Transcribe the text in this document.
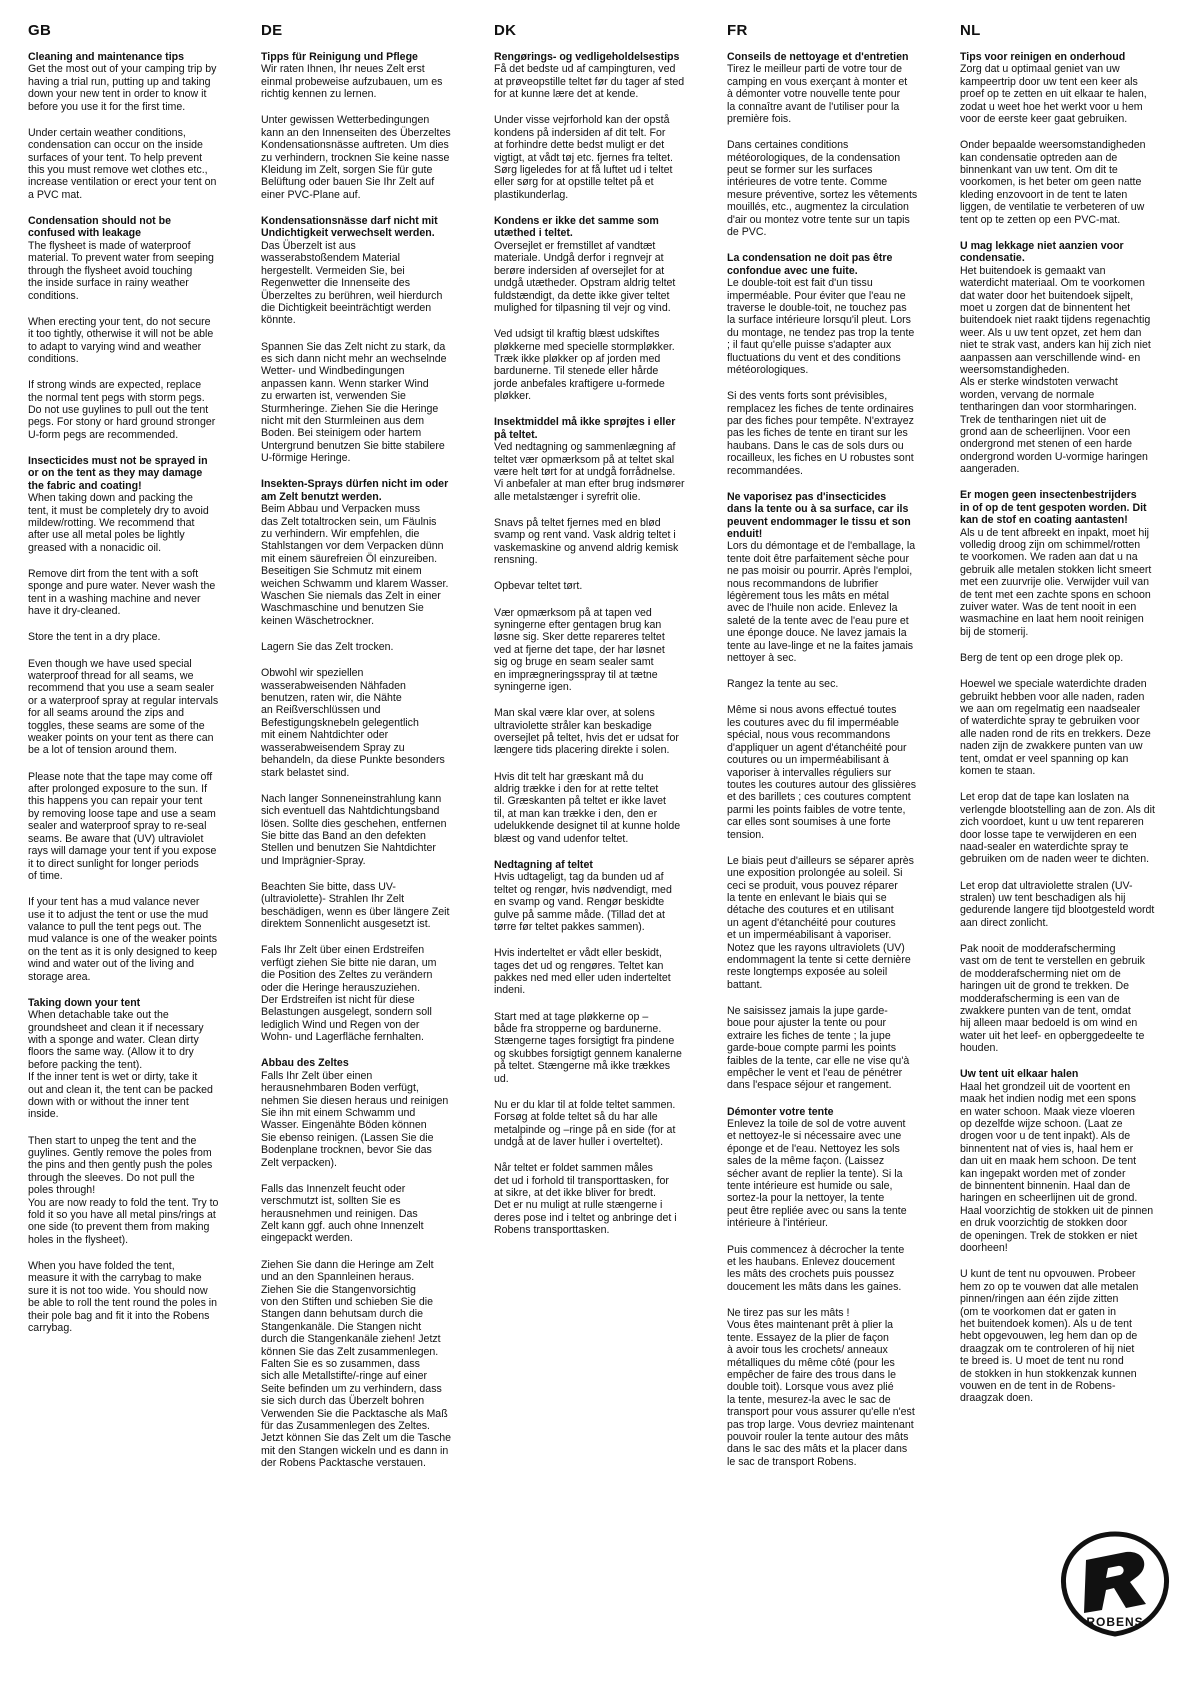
GB
Cleaning and maintenance tips
Get the most out of your camping trip by
having a trial run, putting up and taking
down your new tent in order to know it
before you use it for the first time.
Under certain weather conditions,
condensation can occur on the inside
surfaces of your tent. To help prevent
this you must remove wet clothes etc.,
increase ventilation or erect your tent on
a PVC mat.
Condensation should not be
confused with leakage
The flysheet is made of waterproof
material. To prevent water from seeping
through the flysheet avoid touching
the inside surface in rainy weather
conditions.
When erecting your tent, do not secure
it too tightly, otherwise it will not be able
to adapt to varying wind and weather
conditions.
If strong winds are expected, replace
the normal tent pegs with storm pegs.
Do not use guylines to pull out the tent
pegs. For stony or hard ground stronger
U-form pegs are recommended.
Insecticides must not be sprayed in
or on the tent as they may damage
the fabric and coating!
When taking down and packing the
tent, it must be completely dry to avoid
mildew/rotting. We recommend that
after use all metal poles be lightly
greased with a nonacidic oil.
Remove dirt from the tent with a soft
sponge and pure water. Never wash the
tent in a washing machine and never
have it dry-cleaned.
Store the tent in a dry place.
Even though we have used special
waterproof thread for all seams, we
recommend that you use a seam sealer
or a waterproof spray at regular intervals
for all seams around the zips and
toggles, these seams are some of the
weaker points on your tent as there can
be a lot of tension around them.
Please note that the tape may come off
after prolonged exposure to the sun. If
this happens you can repair your tent
by removing loose tape and use a seam
sealer and waterproof spray to re-seal
seams. Be aware that (UV) ultraviolet
rays will damage your tent if you expose
it to direct sunlight for longer periods
of time.
If your tent has a mud valance never
use it to adjust the tent or use the mud
valance to pull the tent pegs out. The
mud valance is one of the weaker points
on the tent as it is only designed to keep
wind and water out of the living and
storage area.
Taking down your tent
When detachable take out the
groundsheet and clean it if necessary
with a sponge and water. Clean dirty
floors the same way. (Allow it to dry
before packing the tent).
If the inner tent is wet or dirty, take it
out and clean it, the tent can be packed
down with or without the inner tent
inside.
Then start to unpeg the tent and the
guylines. Gently remove the poles from
the pins and then gently push the poles
through the sleeves. Do not pull the
poles through!
You are now ready to fold the tent. Try to
fold it so you have all metal pins/rings at
one side (to prevent them from making
holes in the flysheet).
When you have folded the tent,
measure it with the carrybag to make
sure it is not too wide. You should now
be able to roll the tent round the poles in
their pole bag and fit it into the Robens
carrybag.
DE
Tipps für Reinigung und Pflege
Wir raten Ihnen, Ihr neues Zelt erst
einmal probeweise aufzubauen, um es
richtig kennen zu lernen.
Unter gewissen Wetterbedingungen
kann an den Innenseiten des Überzeltes
Kondensationsnässe auftreten. Um dies
zu verhindern, trocknen Sie keine nasse
Kleidung im Zelt, sorgen Sie für gute
Belüftung oder bauen Sie Ihr Zelt auf
einer PVC-Plane auf.
Kondensationsnässe darf nicht mit
Undichtigkeit verwechselt werden.
Das Überzelt ist aus
wasserabstoßendem Material
hergestellt. Vermeiden Sie, bei
Regenwetter die Innenseite des
Überzeltes zu berühren, weil hierdurch
die Dichtigkeit beeinträchtigt werden
könnte.
Spannen Sie das Zelt nicht zu stark, da
es sich dann nicht mehr an wechselnde
Wetter- und Windbedingungen
anpassen kann. Wenn starker Wind
zu erwarten ist, verwenden Sie
Sturmheringe. Ziehen Sie die Heringe
nicht mit den Sturmleinen aus dem
Boden. Bei steinigem oder hartem
Untergrund benutzen Sie bitte stabilere
U-förmige Heringe.
Insekten-Sprays dürfen nicht im oder
am Zelt benutzt werden.
Beim Abbau und Verpacken muss
das Zelt totaltrocken sein, um Fäulnis
zu verhindern. Wir empfehlen, die
Stahlstangen vor dem Verpacken dünn
mit einem säurefreien Öl einzureiben.
Beseitigen Sie Schmutz mit einem
weichen Schwamm und klarem Wasser.
Waschen Sie niemals das Zelt in einer
Waschmaschine und benutzen Sie
keinen Wäschetrockner.
Lagern Sie das Zelt trocken.
Obwohl wir speziellen
wasserabweisenden Nähfaden
benutzen, raten wir, die Nähte
an Reißverschlüssen und
Befestigungsknebeln gelegentlich
mit einem Nahtdichter oder
wasserabweisendem Spray zu
behandeln, da diese Punkte besonders
stark belastet sind.
Nach langer Sonneneinstrahlung kann
sich eventuell das Nahtdichtungsband
lösen. Sollte dies geschehen, entfernen
Sie bitte das Band an den defekten
Stellen und benutzen Sie Nahtdichter
und Imprägnier-Spray.
Beachten Sie bitte, dass UV-
(ultraviolette)- Strahlen Ihr Zelt
beschädigen, wenn es über längere Zeit
direktem Sonnenlicht ausgesetzt ist.
Fals Ihr Zelt über einen Erdstreifen
verfügt ziehen Sie bitte nie daran, um
die Position des Zeltes zu verändern
oder die Heringe herauszuziehen.
Der Erdstreifen ist nicht für diese
Belastungen ausgelegt, sondern soll
lediglich Wind und Regen von der
Wohn- und Lagerfläche fernhalten.
Abbau des Zeltes
Falls Ihr Zelt über einen
herausnehmbaren Boden verfügt,
nehmen Sie diesen heraus und reinigen
Sie ihn mit einem Schwamm und
Wasser. Eingenähte Böden können
Sie ebenso reinigen. (Lassen Sie die
Bodenplane trocknen, bevor Sie das
Zelt verpacken).
Falls das Innenzelt feucht oder
verschmutzt ist, sollten Sie es
herausnehmen und reinigen. Das
Zelt kann ggf. auch ohne Innenzelt
eingepackt werden.
Ziehen Sie dann die Heringe am Zelt
und an den Spannleinen heraus.
Ziehen Sie die Stangenvorsichtig
von den Stiften und schieben Sie die
Stangen dann behutsam durch die
Stangenkanäle. Die Stangen nicht
durch die Stangenkanäle ziehen! Jetzt
können Sie das Zelt zusammenlegen.
Falten Sie es so zusammen, dass
sich alle Metallstifte/-ringe auf einer
Seite befinden um zu verhindern, dass
sie sich durch das Überzelt bohren
Verwenden Sie die Packtasche als Maß
für das Zusammenlegen des Zeltes.
Jetzt können Sie das Zelt um die Tasche
mit den Stangen wickeln und es dann in
der Robens Packtasche verstauen.
DK
Rengørings- og vedligeholdelsestips
Få det bedste ud af campingturen, ved
at prøveopstille teltet før du tager af sted
for at kunne lære det at kende.
Under visse vejrforhold kan der opstå
kondens på indersiden af dit telt. For
at forhindre dette bedst muligt er det
vigtigt, at vådt tøj etc. fjernes fra teltet.
Sørg ligeledes for at få luftet ud i teltet
eller sørg for at opstille teltet på et
plastikunderlag.
Kondens er ikke det samme som
utæthed i teltet.
Oversejlet er fremstillet af vandtæt
materiale. Undgå derfor i regnvejr at
berøre indersiden af oversejlet for at
undgå utætheder. Opstram aldrig teltet
fuldstændigt, da dette ikke giver teltet
mulighed for tilpasning til vejr og vind.
Ved udsigt til kraftig blæst udskiftes
pløkkerne med specielle stormpløkker.
Træk ikke pløkker op af jorden med
bardunerne. Til stenede eller hårde
jorde anbefales kraftigere u-formede
pløkker.
Insektmiddel må ikke sprøjtes i eller
på teltet.
Ved nedtagning og sammenlægning af
teltet vær opmærksom på at teltet skal
være helt tørt for at undgå forrådnelse.
Vi anbefaler at man efter brug indsmører
alle metalstænger i syrefrit olie.
Snavs på teltet fjernes med en blød
svamp og rent vand. Vask aldrig teltet i
vaskemaskine og anvend aldrig kemisk
rensning.
Opbevar teltet tørt.
Vær opmærksom på at tapen ved
syningerne efter gentagen brug kan
løsne sig. Sker dette repareres teltet
ved at fjerne det tape, der har løsnet
sig og bruge en seam sealer samt
en imprægneringsspray til at tætne
syningerne igen.
Man skal være klar over, at solens
ultraviolette stråler kan beskadige
oversejlet på teltet, hvis det er udsat for
længere tids placering direkte i solen.
Hvis dit telt har græskant må du
aldrig trække i den for at rette teltet
til. Græskanten på teltet er ikke lavet
til, at man kan trække i den, den er
udelukkende designet til at kunne holde
blæst og vand udenfor teltet.
Nedtagning af teltet
Hvis udtageligt, tag da bunden ud af
teltet og rengør, hvis nødvendigt, med
en svamp og vand. Rengør beskidte
gulve på samme måde. (Tillad det at
tørre før teltet pakkes sammen).
Hvis inderteltet er vådt eller beskidt,
tages det ud og rengøres. Teltet kan
pakkes ned med eller uden inderteltet
indeni.
Start med at tage pløkkerne op –
både fra stropperne og bardunerne.
Stængerne tages forsigtigt fra pindene
og skubbes forsigtigt gennem kanalerne
på teltet. Stængerne må ikke trækkes
ud.
Nu er du klar til at folde teltet sammen.
Forsøg at folde teltet så du har alle
metalpinde og –ringe på en side (for at
undgå at de laver huller i overteltet).
Når teltet er foldet sammen måles
det ud i forhold til transporttasken, for
at sikre, at det ikke bliver for bredt.
Det er nu muligt at rulle stængerne i
deres pose ind i teltet og anbringe det i
Robens transporttasken.
FR
Conseils de nettoyage et d'entretien
Tirez le meilleur parti de votre tour de
camping en vous exerçant à monter et
à démonter votre nouvelle tente pour
la connaître avant de l'utiliser pour la
première fois.
Dans certaines conditions
météorologiques, de la condensation
peut se former sur les surfaces
intérieures de votre tente. Comme
mesure préventive, sortez les vêtements
mouillés, etc., augmentez la circulation
d'air ou montez votre tente sur un tapis
de PVC.
La condensation ne doit pas être
confondue avec une fuite.
Le double-toit est fait d'un tissu
imperméable. Pour éviter que l'eau ne
traverse le double-toit, ne touchez pas
la surface intérieure lorsqu'il pleut. Lors
du montage, ne tendez pas trop la tente
; il faut qu'elle puisse s'adapter aux
fluctuations du vent et des conditions
météorologiques.
Si des vents forts sont prévisibles,
remplacez les fiches de tente ordinaires
par des fiches pour tempête. N'extrayez
pas les fiches de tente en tirant sur les
haubans. Dans le cas de sols durs ou
rocailleux, les fiches en U robustes sont
recommandées.
Ne vaporisez pas d'insecticides
dans la tente ou à sa surface, car ils
peuvent endommager le tissu et son
enduit!
Lors du démontage et de l'emballage, la
tente doit être parfaitement sèche pour
ne pas moisir ou pourrir. Après l'emploi,
nous recommandons de lubrifier
légèrement tous les mâts en métal
avec de l'huile non acide. Enlevez la
saleté de la tente avec de l'eau pure et
une éponge douce. Ne lavez jamais la
tente au lave-linge et ne la faites jamais
nettoyer à sec.
Rangez la tente au sec.
Même si nous avons effectué toutes
les coutures avec du fil imperméable
spécial, nous vous recommandons
d'appliquer un agent d'étanchéité pour
coutures ou un imperméabilisant à
vaporiser à intervalles réguliers sur
toutes les coutures autour des glissières
et des barillets ; ces coutures comptent
parmi les points faibles de votre tente,
car elles sont soumises à une forte
tension.
Le biais peut d'ailleurs se séparer après
une exposition prolongée au soleil. Si
ceci se produit, vous pouvez réparer
la tente en enlevant le biais qui se
détache des coutures et en utilisant
un agent d'étanchéité pour coutures
et un imperméabilisant à vaporiser.
Notez que les rayons ultraviolets (UV)
endommagent la tente si cette dernière
reste longtemps exposée au soleil
battant.
Ne saisissez jamais la jupe garde-
boue pour ajuster la tente ou pour
extraire les fiches de tente ; la jupe
garde-boue compte parmi les points
faibles de la tente, car elle ne vise qu'à
empêcher le vent et l'eau de pénétrer
dans l'espace séjour et rangement.
Démonter votre tente
Enlevez la toile de sol de votre auvent
et nettoyez-le si nécessaire avec une
éponge et de l'eau. Nettoyez les sols
sales de la même façon. (Laissez
sécher avant de replier la tente). Si la
tente intérieure est humide ou sale,
sortez-la pour la nettoyer, la tente
peut être repliée avec ou sans la tente
intérieure à l'intérieur.
Puis commencez à décrocher la tente
et les haubans. Enlevez doucement
les mâts des crochets puis poussez
doucement les mâts dans les gaines.
Ne tirez pas sur les mâts !
Vous êtes maintenant prêt à plier la
tente. Essayez de la plier de façon
à avoir tous les crochets/ anneaux
métalliques du même côté (pour les
empêcher de faire des trous dans le
double toit). Lorsque vous avez plié
la tente, mesurez-la avec le sac de
transport pour vous assurer qu'elle n'est
pas trop large. Vous devriez maintenant
pouvoir rouler la tente autour des mâts
dans le sac des mâts et la placer dans
le sac de transport Robens.
NL
Tips voor reinigen en onderhoud
Zorg dat u optimaal geniet van uw
kampeertrip door uw tent een keer als
proef op te zetten en uit elkaar te halen,
zodat u weet hoe het werkt voor u hem
voor de eerste keer gaat gebruiken.
Onder bepaalde weersomstandigheden
kan condensatie optreden aan de
binnenkant van uw tent. Om dit te
voorkomen, is het beter om geen natte
kleding enzovoort in de tent te laten
liggen, de ventilatie te verbeteren of uw
tent op te zetten op een PVC-mat.
U mag lekkage niet aanzien voor
condensatie.
Het buitendoek is gemaakt van
waterdicht materiaal. Om te voorkomen
dat water door het buitendoek sijpelt,
moet u zorgen dat de binnentent het
buitendoek niet raakt tijdens regenachtig
weer. Als u uw tent opzet, zet hem dan
niet te strak vast, anders kan hij zich niet
aanpassen aan verschillende wind- en
weersomstandigheden.
Als er sterke windstoten verwacht
worden, vervang de normale
tentharingen dan voor stormharingen.
Trek de tentharingen niet uit de
grond aan de scheerlijnen. Voor een
ondergrond met stenen of een harde
ondergrond worden U-vormige haringen
aangeraden.
Er mogen geen insectenbestrijders
in of op de tent gespoten worden. Dit
kan de stof en coating aantasten!
Als u de tent afbreekt en inpakt, moet hij
volledig droog zijn om schimmel/rotten
te voorkomen. We raden aan dat u na
gebruik alle metalen stokken licht smeert
met een zuurvrije olie. Verwijder vuil van
de tent met een zachte spons en schoon
zuiver water. Was de tent nooit in een
wasmachine en laat hem nooit reinigen
bij de stomerij.
Berg de tent op een droge plek op.
Hoewel we speciale waterdichte draden
gebruikt hebben voor alle naden, raden
we aan om regelmatig een naadsealer
of waterdichte spray te gebruiken voor
alle naden rond de rits en trekkers. Deze
naden zijn de zwakkere punten van uw
tent, omdat er veel spanning op kan
komen te staan.
Let erop dat de tape kan loslaten na
verlengde blootstelling aan de zon. Als dit
zich voordoet, kunt u uw tent repareren
door losse tape te verwijderen en een
naad-sealer en waterdichte spray te
gebruiken om de naden weer te dichten.
Let erop dat ultraviolette stralen (UV-
stralen) uw tent beschadigen als hij
gedurende langere tijd blootgesteld wordt
aan direct zonlicht.
Pak nooit de modderafscherming
vast om de tent te verstellen en gebruik
de modderafscherming niet om de
haringen uit de grond te trekken. De
modderafscherming is een van de
zwakkere punten van de tent, omdat
hij alleen maar bedoeld is om wind en
water uit het leef- en opberggedeelte te
houden.
Uw tent uit elkaar halen
Haal het grondzeil uit de voortent en
maak het indien nodig met een spons
en water schoon. Maak vieze vloeren
op dezelfde wijze schoon. (Laat ze
drogen voor u de tent inpakt). Als de
binnentent nat of vies is, haal hem er
dan uit en maak hem schoon. De tent
kan ingepakt worden met of zonder
de binnentent binnenin. Haal dan de
haringen en scheerlijnen uit de grond.
Haal voorzichtig de stokken uit de pinnen
en druk voorzichtig de stokken door
de openingen. Trek de stokken er niet
doorheen!
U kunt de tent nu opvouwen. Probeer
hem zo op te vouwen dat alle metalen
pinnen/ringen aan één zijde zitten
(om te voorkomen dat er gaten in
het buitendoek komen). Als u de tent
hebt opgevouwen, leg hem dan op de
draagzak om te controleren of hij niet
te breed is. U moet de tent nu rond
de stokken in hun stokkenzak kunnen
vouwen en de tent in de Robens-
draagzak doen.
ROBENS
